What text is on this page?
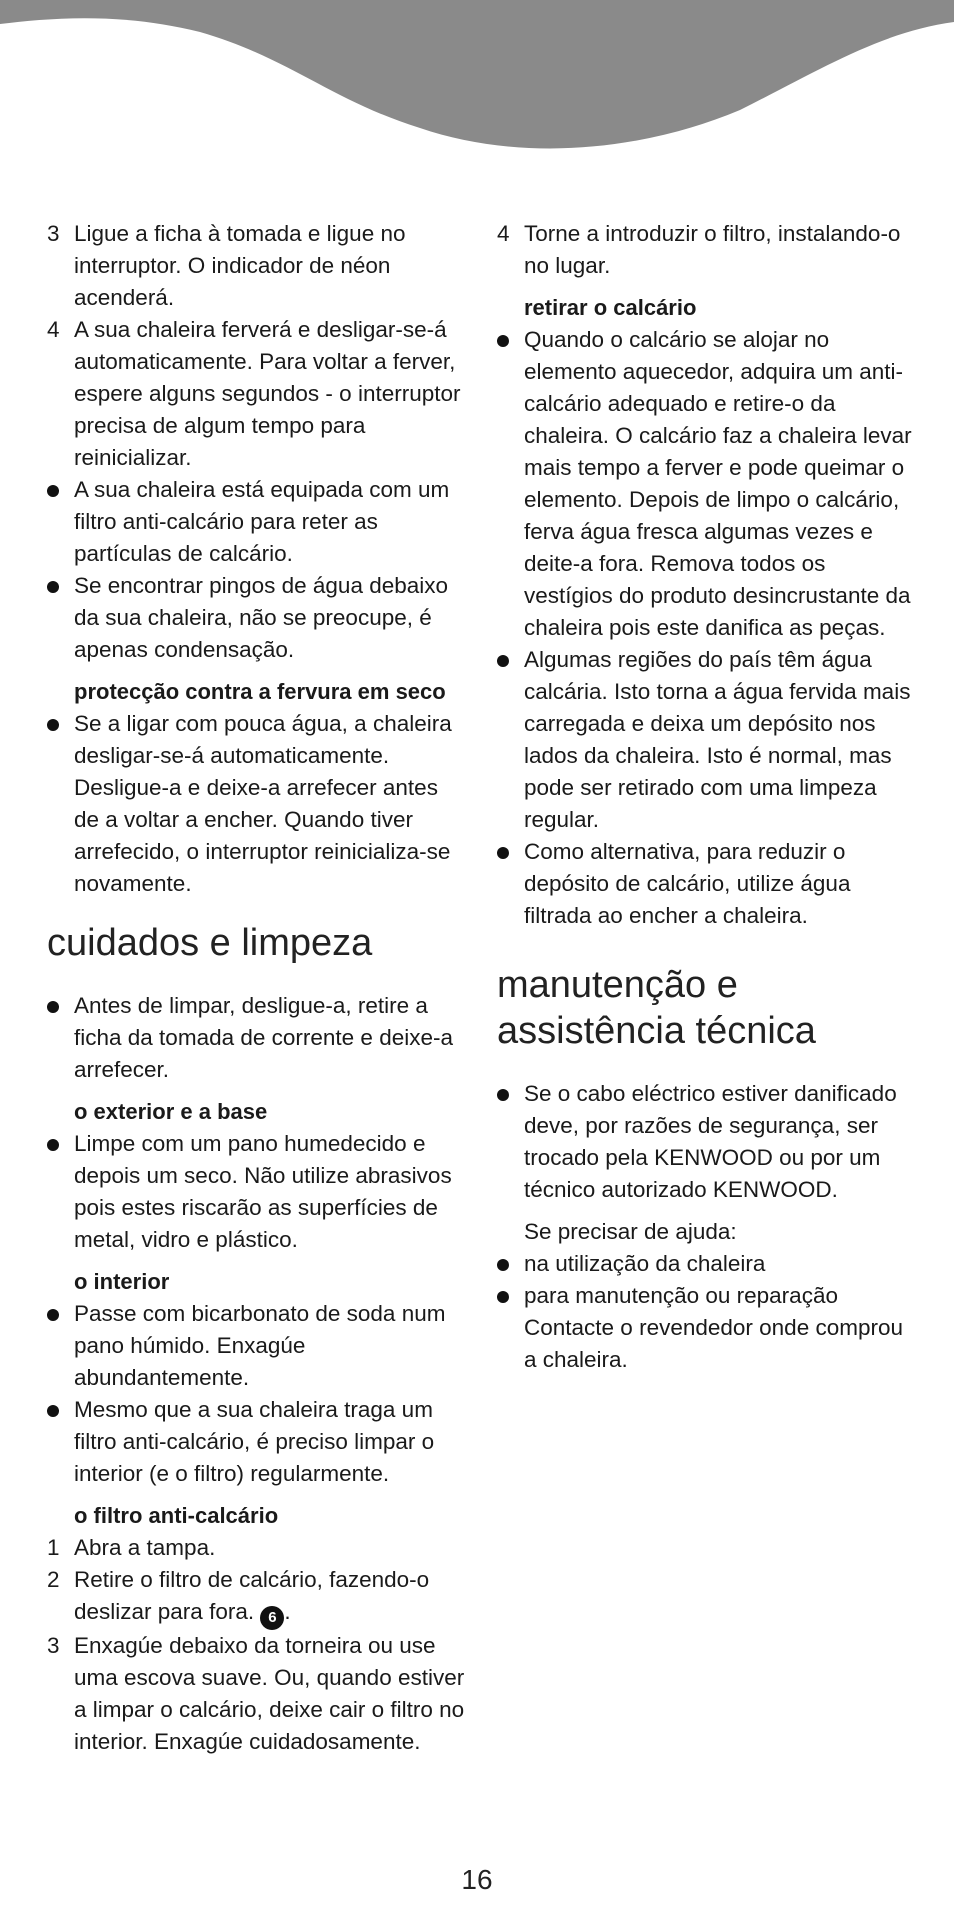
3 Ligue a ficha à tomada e ligue no interruptor. O indicador de néon acenderá.
4 A sua chaleira ferverá e desligar-se-á automaticamente. Para voltar a ferver, espere alguns segundos - o interruptor precisa de algum tempo para reinicializar.
A sua chaleira está equipada com um filtro anti-calcário para reter as partículas de calcário.
Se encontrar pingos de água debaixo da sua chaleira, não se preocupe, é apenas condensação.
protecção contra a fervura em seco
Se a ligar com pouca água, a chaleira desligar-se-á automaticamente. Desligue-a e deixe-a arrefecer antes de a voltar a encher. Quando tiver arrefecido, o interruptor reinicializa-se novamente.
cuidados e limpeza
Antes de limpar, desligue-a, retire a ficha da tomada de corrente e deixe-a arrefecer.
o exterior e a base
Limpe com um pano humedecido e depois um seco. Não utilize abrasivos pois estes riscarão as superfícies de metal, vidro e plástico.
o interior
Passe com bicarbonato de soda num pano húmido. Enxagúe abundantemente.
Mesmo que a sua chaleira traga um filtro anti-calcário, é preciso limpar o interior (e o filtro) regularmente.
o filtro anti-calcário
1 Abra a tampa.
2 Retire o filtro de calcário, fazendo-o deslizar para fora. 6 .
3 Enxagúe debaixo da torneira ou use uma escova suave. Ou, quando estiver a limpar o calcário, deixe cair o filtro no interior. Enxagúe cuidadosamente.
4 Torne a introduzir o filtro, instalando-o no lugar.
retirar o calcário
Quando o calcário se alojar no elemento aquecedor, adquira um anti-calcário adequado e retire-o da chaleira. O calcário faz a chaleira levar mais tempo a ferver e pode queimar o elemento. Depois de limpo o calcário, ferva água fresca algumas vezes e deite-a fora. Remova todos os vestígios do produto desincrustante da chaleira pois este danifica as peças.
Algumas regiões do país têm água calcária. Isto torna a água fervida mais carregada e deixa um depósito nos lados da chaleira. Isto é normal, mas pode ser retirado com uma limpeza regular.
Como alternativa, para reduzir o depósito de calcário, utilize água filtrada ao encher a chaleira.
manutenção e
assistência técnica
Se o cabo eléctrico estiver danificado deve, por razões de segurança, ser trocado pela KENWOOD ou por um técnico autorizado KENWOOD.
Se precisar de ajuda:
na utilização da chaleira
para manutenção ou reparação Contacte o revendedor onde comprou a chaleira.
16
